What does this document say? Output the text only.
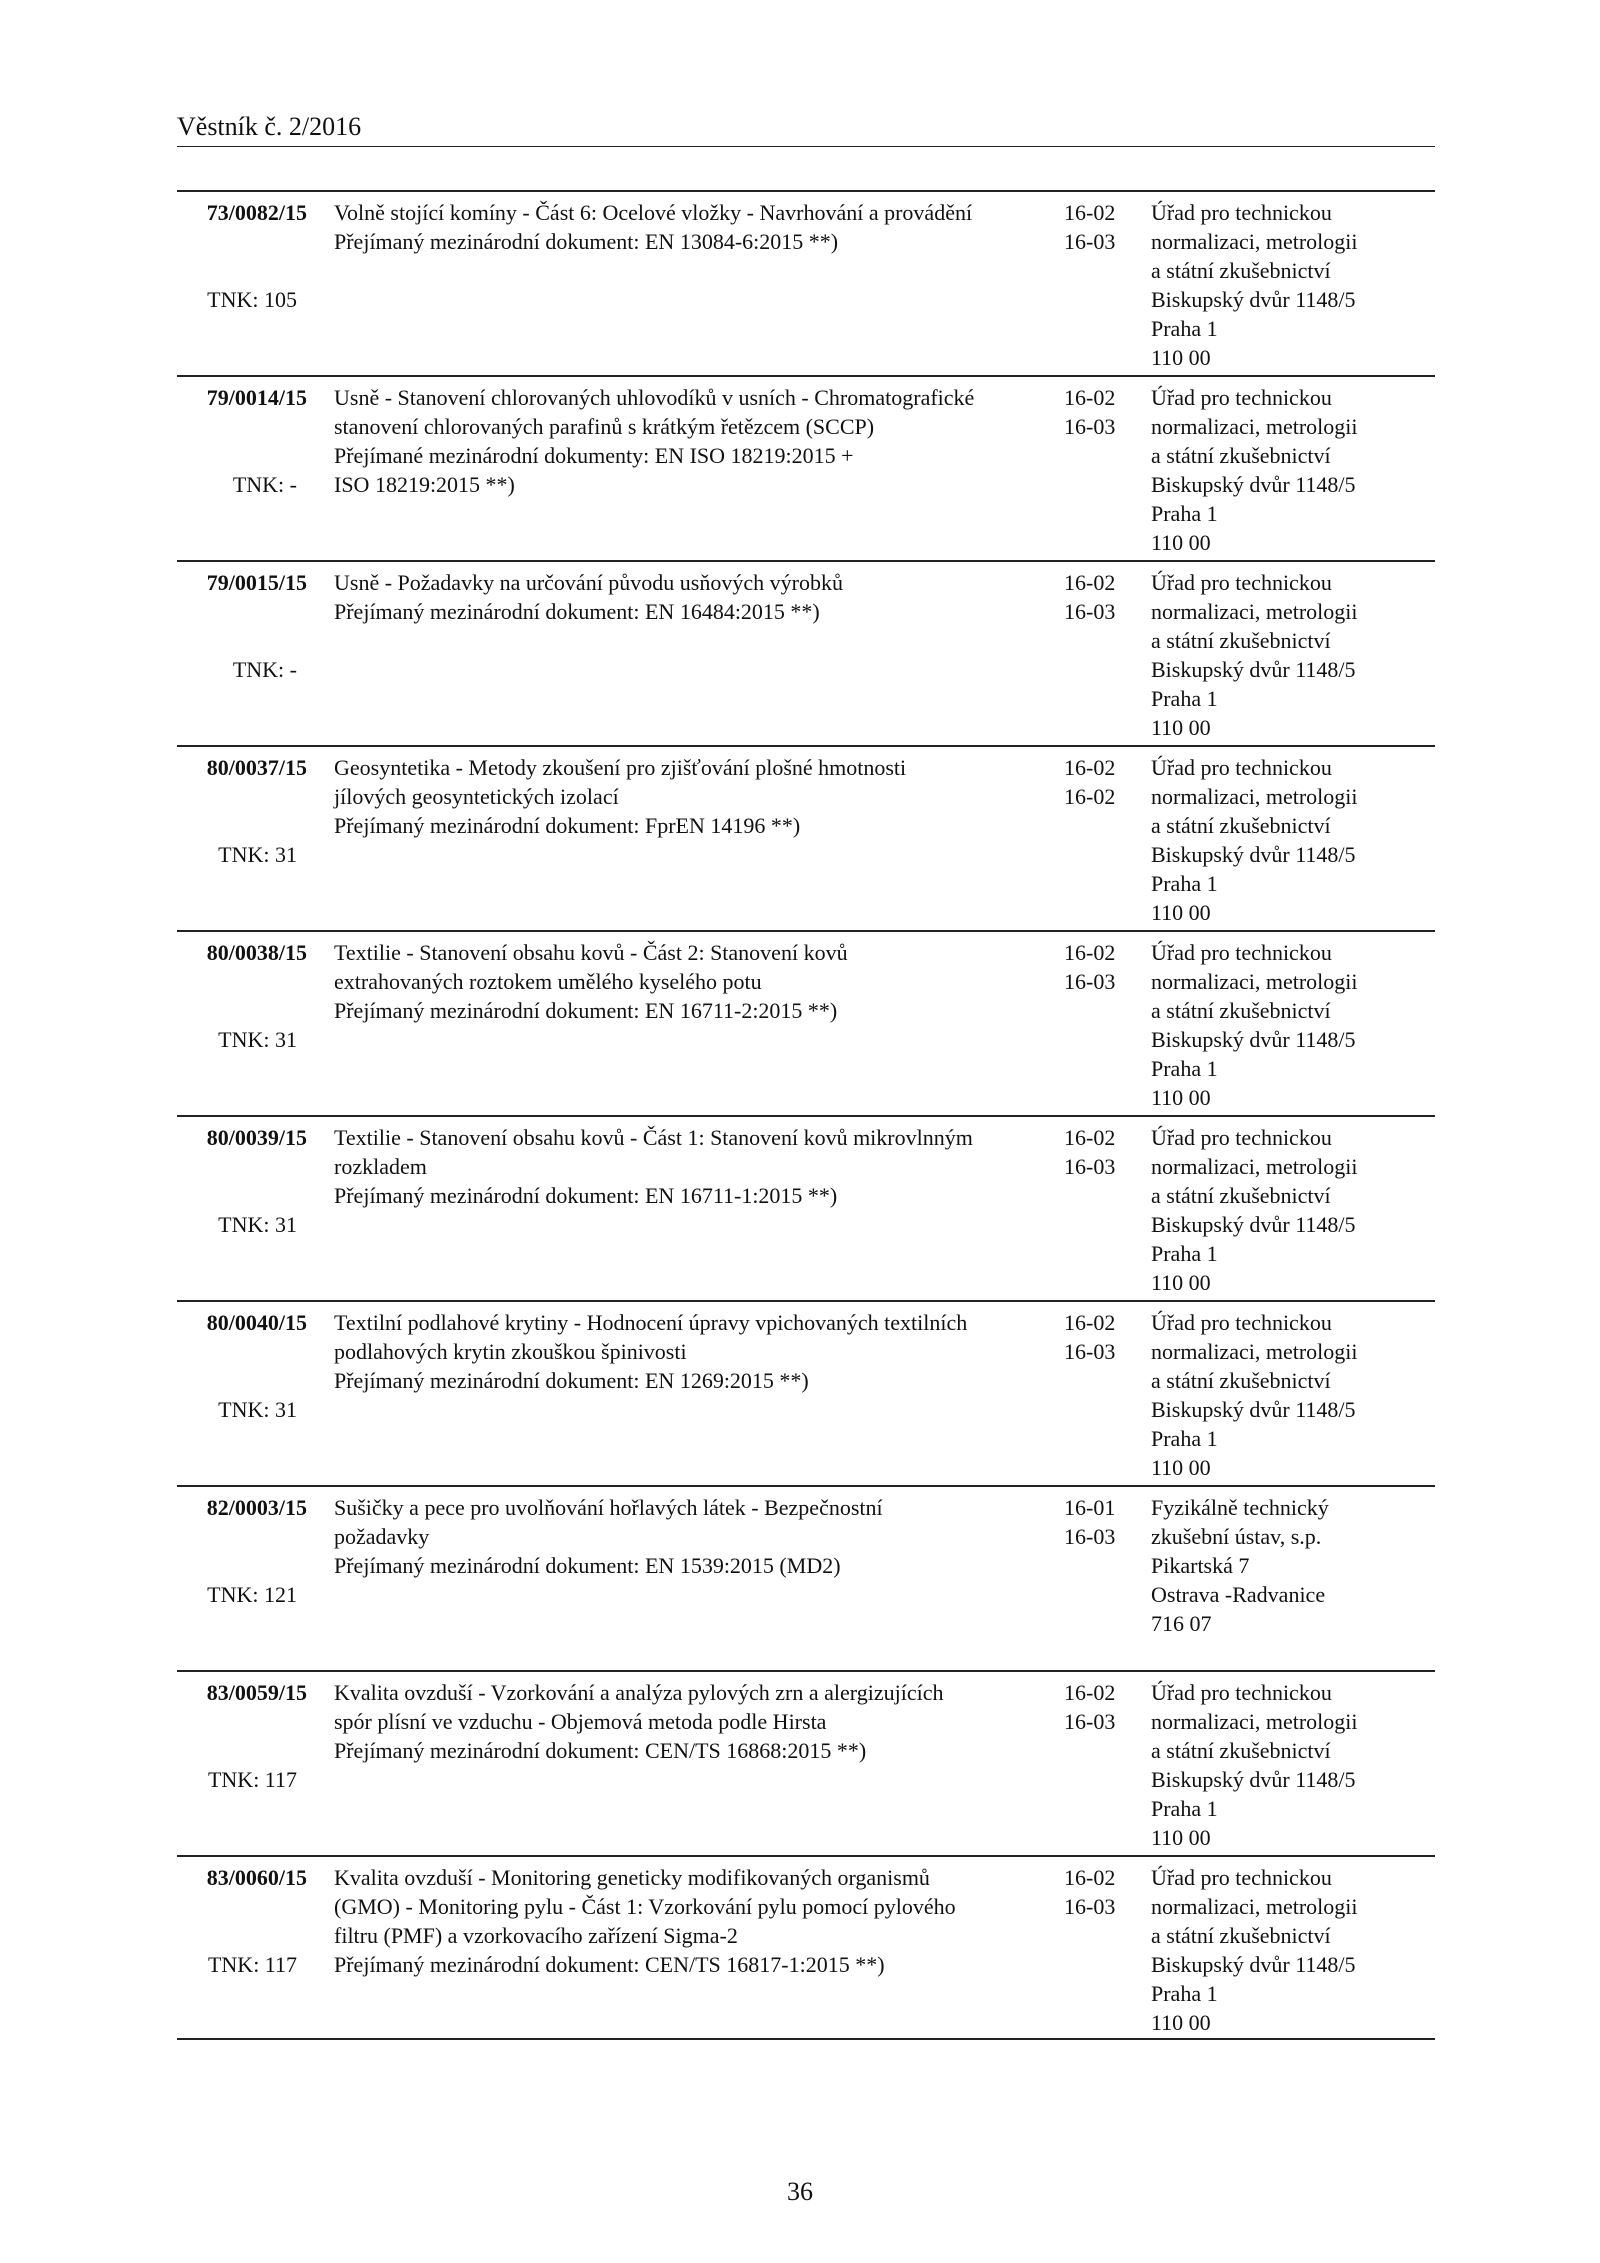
Věstník č. 2/2016
73/0082/15
TNK: 105
Volně stojící komíny - Část 6: Ocelové vložky - Navrhování a provádění
Přejímaný mezinárodní dokument: EN 13084-6:2015 **)
16-02
16-03
Úřad pro technickou
normalizaci, metrologii
a státní zkušebnictví
Biskupský dvůr 1148/5
Praha 1
110 00
79/0014/15
TNK: -
Usně - Stanovení chlorovaných uhlovodíků v usních - Chromatografické
stanovení chlorovaných parafinů s krátkým řetězcem (SCCP)
Přejímané mezinárodní dokumenty: EN ISO 18219:2015 +
ISO 18219:2015 **)
16-02
16-03
Úřad pro technickou
normalizaci, metrologii
a státní zkušebnictví
Biskupský dvůr 1148/5
Praha 1
110 00
79/0015/15
TNK: -
Usně - Požadavky na určování původu usňových výrobků
Přejímaný mezinárodní dokument: EN 16484:2015 **)
16-02
16-03
Úřad pro technickou
normalizaci, metrologii
a státní zkušebnictví
Biskupský dvůr 1148/5
Praha 1
110 00
80/0037/15
TNK: 31
Geosyntetika - Metody zkoušení pro zjišťování plošné hmotnosti
jílových geosyntetických izolací
Přejímaný mezinárodní dokument: FprEN 14196 **)
16-02
16-02
Úřad pro technickou
normalizaci, metrologii
a státní zkušebnictví
Biskupský dvůr 1148/5
Praha 1
110 00
80/0038/15
TNK: 31
Textilie - Stanovení obsahu kovů - Část 2: Stanovení kovů
extrahovaných roztokem umělého kyselého potu
Přejímaný mezinárodní dokument: EN 16711-2:2015 **)
16-02
16-03
Úřad pro technickou
normalizaci, metrologii
a státní zkušebnictví
Biskupský dvůr 1148/5
Praha 1
110 00
80/0039/15
TNK: 31
Textilie - Stanovení obsahu kovů - Část 1: Stanovení kovů mikrovlnným
rozkladem
Přejímaný mezinárodní dokument: EN 16711-1:2015 **)
16-02
16-03
Úřad pro technickou
normalizaci, metrologii
a státní zkušebnictví
Biskupský dvůr 1148/5
Praha 1
110 00
80/0040/15
TNK: 31
Textilní podlahové krytiny - Hodnocení úpravy vpichovaných textilních
podlahových krytin zkouškou špinivosti
Přejímaný mezinárodní dokument: EN 1269:2015 **)
16-02
16-03
Úřad pro technickou
normalizaci, metrologii
a státní zkušebnictví
Biskupský dvůr 1148/5
Praha 1
110 00
82/0003/15
TNK: 121
Sušičky a pece pro uvolňování hořlavých látek - Bezpečnostní
požadavky
Přejímaný mezinárodní dokument: EN 1539:2015 (MD2)
16-01
16-03
Fyzikálně technický
zkušební ústav, s.p.
Pikartská 7
Ostrava -Radvanice
716 07
83/0059/15
TNK: 117
Kvalita ovzduší - Vzorkování a analýza pylových zrn a alergizujících
spór plísní ve vzduchu - Objemová metoda podle Hirsta
Přejímaný mezinárodní dokument: CEN/TS 16868:2015 **)
16-02
16-03
Úřad pro technickou
normalizaci, metrologii
a státní zkušebnictví
Biskupský dvůr 1148/5
Praha 1
110 00
83/0060/15
TNK: 117
Kvalita ovzduší - Monitoring geneticky modifikovaných organismů
(GMO) - Monitoring pylu - Část 1: Vzorkování pylu pomocí pylového
filtru (PMF) a vzorkovacího zařízení Sigma-2
Přejímaný mezinárodní dokument: CEN/TS 16817-1:2015 **)
16-02
16-03
Úřad pro technickou
normalizaci, metrologii
a státní zkušebnictví
Biskupský dvůr 1148/5
Praha 1
110 00
36
